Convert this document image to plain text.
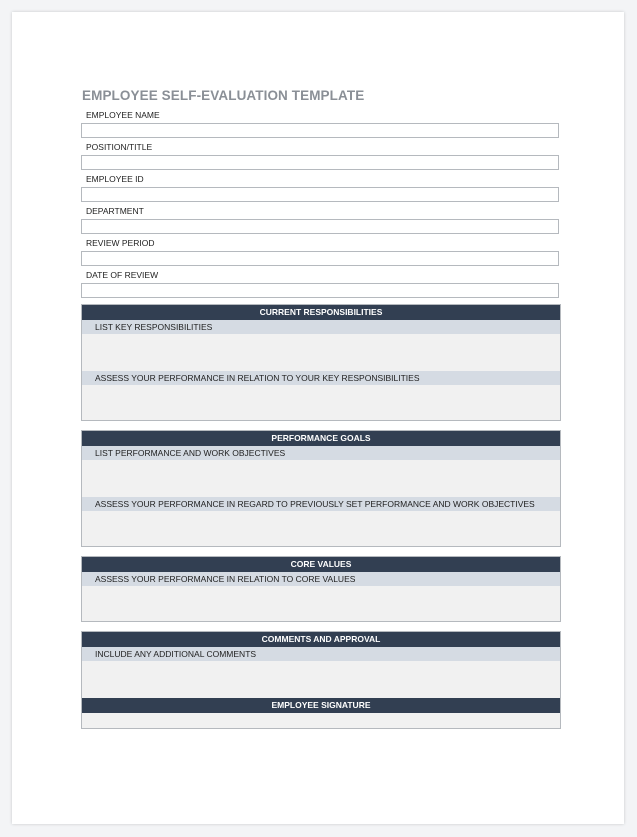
EMPLOYEE SELF-EVALUATION TEMPLATE
EMPLOYEE NAME
POSITION/TITLE
EMPLOYEE ID
DEPARTMENT
REVIEW PERIOD
DATE OF REVIEW
CURRENT RESPONSIBILITIES
LIST KEY RESPONSIBILITIES
ASSESS YOUR PERFORMANCE IN RELATION TO YOUR KEY RESPONSIBILITIES
PERFORMANCE GOALS
LIST PERFORMANCE AND WORK OBJECTIVES
ASSESS YOUR PERFORMANCE IN REGARD TO PREVIOUSLY SET PERFORMANCE AND WORK OBJECTIVES
CORE VALUES
ASSESS YOUR PERFORMANCE IN RELATION TO CORE VALUES
COMMENTS AND APPROVAL
INCLUDE ANY ADDITIONAL COMMENTS
EMPLOYEE SIGNATURE
